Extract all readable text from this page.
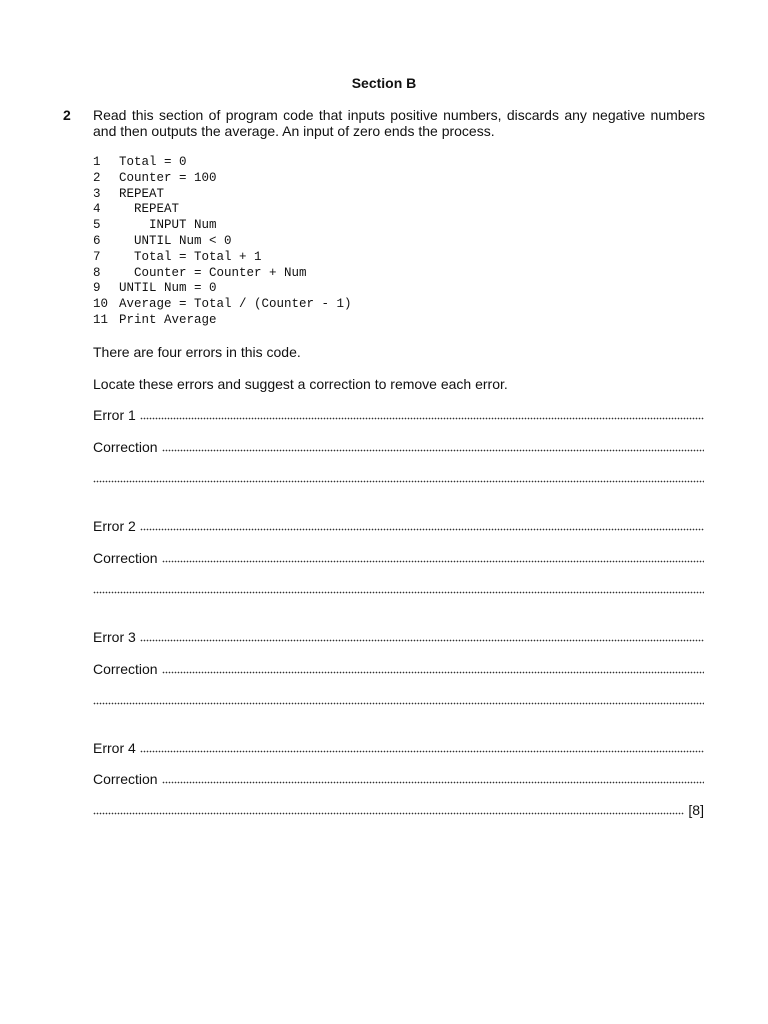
Section B
2 Read this section of program code that inputs positive numbers, discards any negative numbers and then outputs the average. An input of zero ends the process.
1 Total = 0
2 Counter = 100
3 REPEAT
4  REPEAT
5    INPUT Num
6  UNTIL Num < 0
7  Total = Total + 1
8  Counter = Counter + Num
9 UNTIL Num = 0
10 Average = Total / (Counter - 1)
11 Print Average
There are four errors in this code.
Locate these errors and suggest a correction to remove each error.
Error 1
Correction
Error 2
Correction
Error 3
Correction
Error 4
Correction
[8]
